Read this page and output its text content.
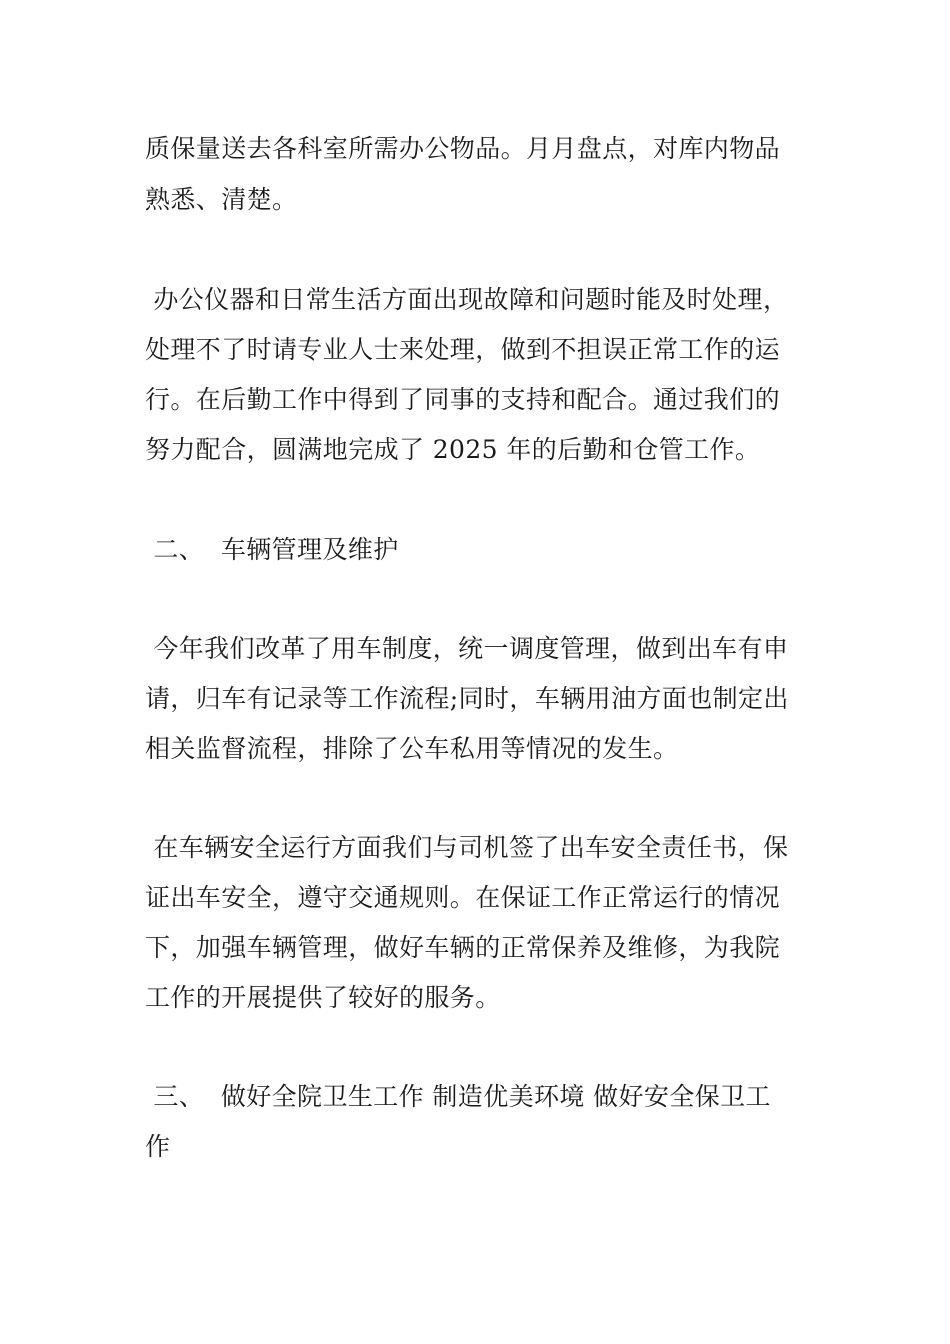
质保量送去各科室所需办公物品。月月盘点，对库内物品

熟悉、清楚。

办公仪器和日常生活方面出现故障和问题时能及时处理，

处理不了时请专业人士来处理，做到不担误正常工作的运

行。在后勤工作中得到了同事的支持和配合。通过我们的

努力配合，圆满地完成了 2025 年的后勤和仓管工作。

二、  车辆管理及维护

今年我们改革了用车制度，统一调度管理，做到出车有申

请，归车有记录等工作流程;同时，车辆用油方面也制定出

相关监督流程，排除了公车私用等情况的发生。

在车辆安全运行方面我们与司机签了出车安全责任书，保

证出车安全，遵守交通规则。在保证工作正常运行的情况

下，加强车辆管理，做好车辆的正常保养及维修，为我院

工作的开展提供了较好的服务。

三、  做好全院卫生工作 制造优美环境 做好安全保卫工

作
